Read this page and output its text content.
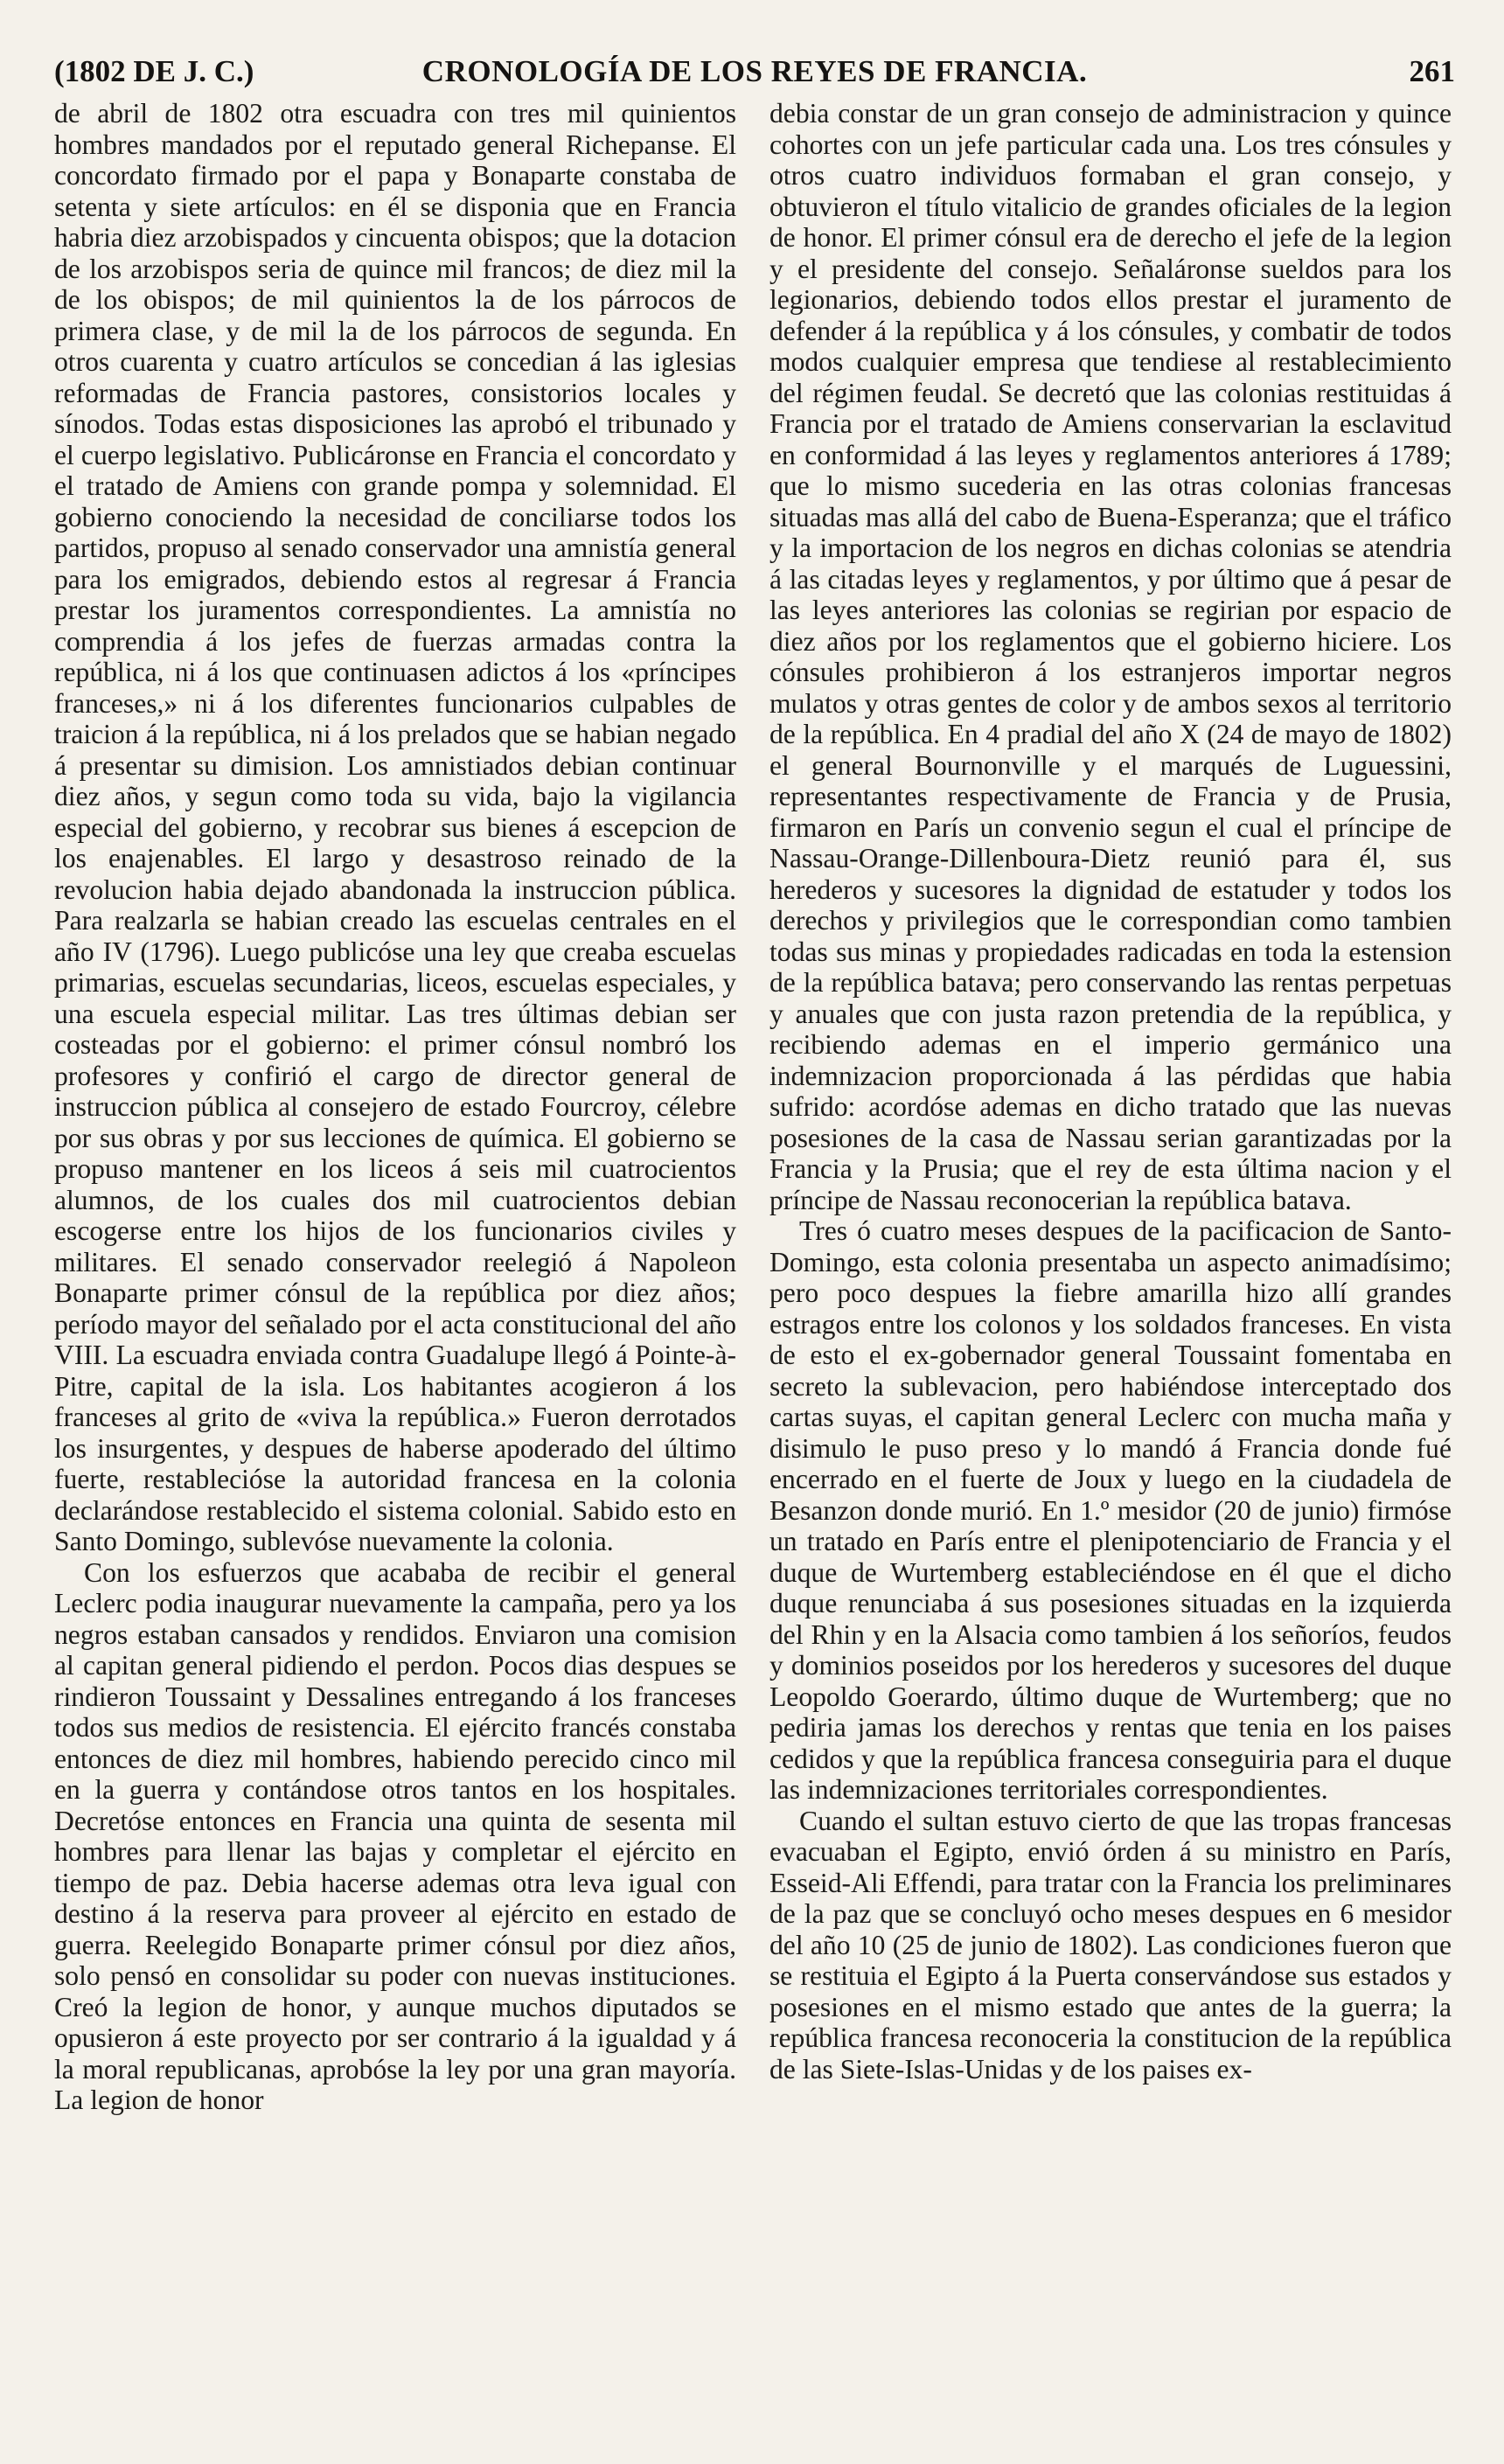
(1802 DE J. C.)	CRONOLOGÍA DE LOS REYES DE FRANCIA.	261

de abril de 1802 otra escuadra con tres mil quinientos hombres mandados por el reputado general Richepanse. El concordato firmado por el papa y Bonaparte constaba de setenta y siete artículos: en él se disponia que en Francia habria diez arzobispados y cincuenta obispos; que la dotacion de los arzobispos seria de quince mil francos; de diez mil la de los obispos; de mil quinientos la de los párrocos de primera clase, y de mil la de los párrocos de segunda. En otros cuarenta y cuatro artículos se concedian á las iglesias reformadas de Francia pastores, consistorios locales y sínodos. Todas estas disposiciones las aprobó el tribunado y el cuerpo legislativo. Publicáronse en Francia el concordato y el tratado de Amiens con grande pompa y solemnidad. El gobierno conociendo la necesidad de conciliarse todos los partidos, propuso al senado conservador una amnistía general para los emigrados, debiendo estos al regresar á Francia prestar los juramentos correspondientes. La amnistía no comprendia á los jefes de fuerzas armadas contra la república, ni á los que continuasen adictos á los «príncipes franceses,» ni á los diferentes funcionarios culpables de traicion á la república, ni á los prelados que se habian negado á presentar su dimision. Los amnistiados debian continuar diez años, y segun como toda su vida, bajo la vigilancia especial del gobierno, y recobrar sus bienes á escepcion de los enajenables. El largo y desastroso reinado de la revolucion habia dejado abandonada la instruccion pública. Para realzarla se habian creado las escuelas centrales en el año IV (1796). Luego publicóse una ley que creaba escuelas primarias, escuelas secundarias, liceos, escuelas especiales, y una escuela especial militar. Las tres últimas debian ser costeadas por el gobierno: el primer cónsul nombró los profesores y confirió el cargo de director general de instruccion pública al consejero de estado Fourcroy, célebre por sus obras y por sus lecciones de química. El gobierno se propuso mantener en los liceos á seis mil cuatrocientos alumnos, de los cuales dos mil cuatrocientos debian escogerse entre los hijos de los funcionarios civiles y militares. El senado conservador reelegió á Napoleon Bonaparte primer cónsul de la república por diez años; período mayor del señalado por el acta constitucional del año VIII. La escuadra enviada contra Guadalupe llegó á Pointe-à-Pitre, capital de la isla. Los habitantes acogieron á los franceses al grito de «viva la república.» Fueron derrotados los insurgentes, y despues de haberse apoderado del último fuerte, restablecióse la autoridad francesa en la colonia declarándose restablecido el sistema colonial. Sabido esto en Santo Domingo, sublevóse nuevamente la colonia.

Con los esfuerzos que acababa de recibir el general Leclerc podia inaugurar nuevamente la campaña, pero ya los negros estaban cansados y rendidos. Enviaron una comision al capitan general pidiendo el perdon. Pocos dias despues se rindieron Toussaint y Dessalines entregando á los franceses todos sus medios de resistencia. El ejército francés constaba entonces de diez mil hombres, habiendo perecido cinco mil en la guerra y contándose otros tantos en los hospitales. Decretóse entonces en Francia una quinta de sesenta mil hombres para llenar las bajas y completar el ejército en tiempo de paz. Debia hacerse ademas otra leva igual con destino á la reserva para proveer al ejército en estado de guerra. Reelegido Bonaparte primer cónsul por diez años, solo pensó en consolidar su poder con nuevas instituciones. Creó la legion de honor, y aunque muchos diputados se opusieron á este proyecto por ser contrario á la igualdad y á la moral republicanas, aprobóse la ley por una gran mayoría. La legion de honor

debia constar de un gran consejo de administracion y quince cohortes con un jefe particular cada una. Los tres cónsules y otros cuatro individuos formaban el gran consejo, y obtuvieron el título vitalicio de grandes oficiales de la legion de honor. El primer cónsul era de derecho el jefe de la legion y el presidente del consejo. Señaláronse sueldos para los legionarios, debiendo todos ellos prestar el juramento de defender á la república y á los cónsules, y combatir de todos modos cualquier empresa que tendiese al restablecimiento del régimen feudal. Se decretó que las colonias restituidas á Francia por el tratado de Amiens conservarian la esclavitud en conformidad á las leyes y reglamentos anteriores á 1789; que lo mismo sucederia en las otras colonias francesas situadas mas allá del cabo de Buena-Esperanza; que el tráfico y la importacion de los negros en dichas colonias se atendria á las citadas leyes y reglamentos, y por último que á pesar de las leyes anteriores las colonias se regirian por espacio de diez años por los reglamentos que el gobierno hiciere. Los cónsules prohibieron á los estranjeros importar negros mulatos y otras gentes de color y de ambos sexos al territorio de la república. En 4 pradial del año X (24 de mayo de 1802) el general Bournonville y el marqués de Luguessini, representantes respectivamente de Francia y de Prusia, firmaron en París un convenio segun el cual el príncipe de Nassau-Orange-Dillenboura-Dietz reunió para él, sus herederos y sucesores la dignidad de estatuder y todos los derechos y privilegios que le correspondian como tambien todas sus minas y propiedades radicadas en toda la estension de la república batava; pero conservando las rentas perpetuas y anuales que con justa razon pretendia de la república, y recibiendo ademas en el imperio germánico una indemnizacion proporcionada á las pérdidas que habia sufrido: acordóse ademas en dicho tratado que las nuevas posesiones de la casa de Nassau serian garantizadas por la Francia y la Prusia; que el rey de esta última nacion y el príncipe de Nassau reconocerian la república batava.

Tres ó cuatro meses despues de la pacificacion de Santo-Domingo, esta colonia presentaba un aspecto animadísimo; pero poco despues la fiebre amarilla hizo allí grandes estragos entre los colonos y los soldados franceses. En vista de esto el ex-gobernador general Toussaint fomentaba en secreto la sublevacion, pero habiéndose interceptado dos cartas suyas, el capitan general Leclerc con mucha maña y disimulo le puso preso y lo mandó á Francia donde fué encerrado en el fuerte de Joux y luego en la ciudadela de Besanzon donde murió. En 1.º mesidor (20 de junio) firmóse un tratado en París entre el plenipotenciario de Francia y el duque de Wurtemberg estableciéndose en él que el dicho duque renunciaba á sus posesiones situadas en la izquierda del Rhin y en la Alsacia como tambien á los señoríos, feudos y dominios poseidos por los herederos y sucesores del duque Leopoldo Goerardo, último duque de Wurtemberg; que no pediria jamas los derechos y rentas que tenia en los paises cedidos y que la república francesa conseguiria para el duque las indemnizaciones territoriales correspondientes.

Cuando el sultan estuvo cierto de que las tropas francesas evacuaban el Egipto, envió órden á su ministro en París, Esseid-Ali Effendi, para tratar con la Francia los preliminares de la paz que se concluyó ocho meses despues en 6 mesidor del año 10 (25 de junio de 1802). Las condiciones fueron que se restituia el Egipto á la Puerta conservándose sus estados y posesiones en el mismo estado que antes de la guerra; la república francesa reconoceria la constitucion de la república de las Siete-Islas-Unidas y de los paises ex-
